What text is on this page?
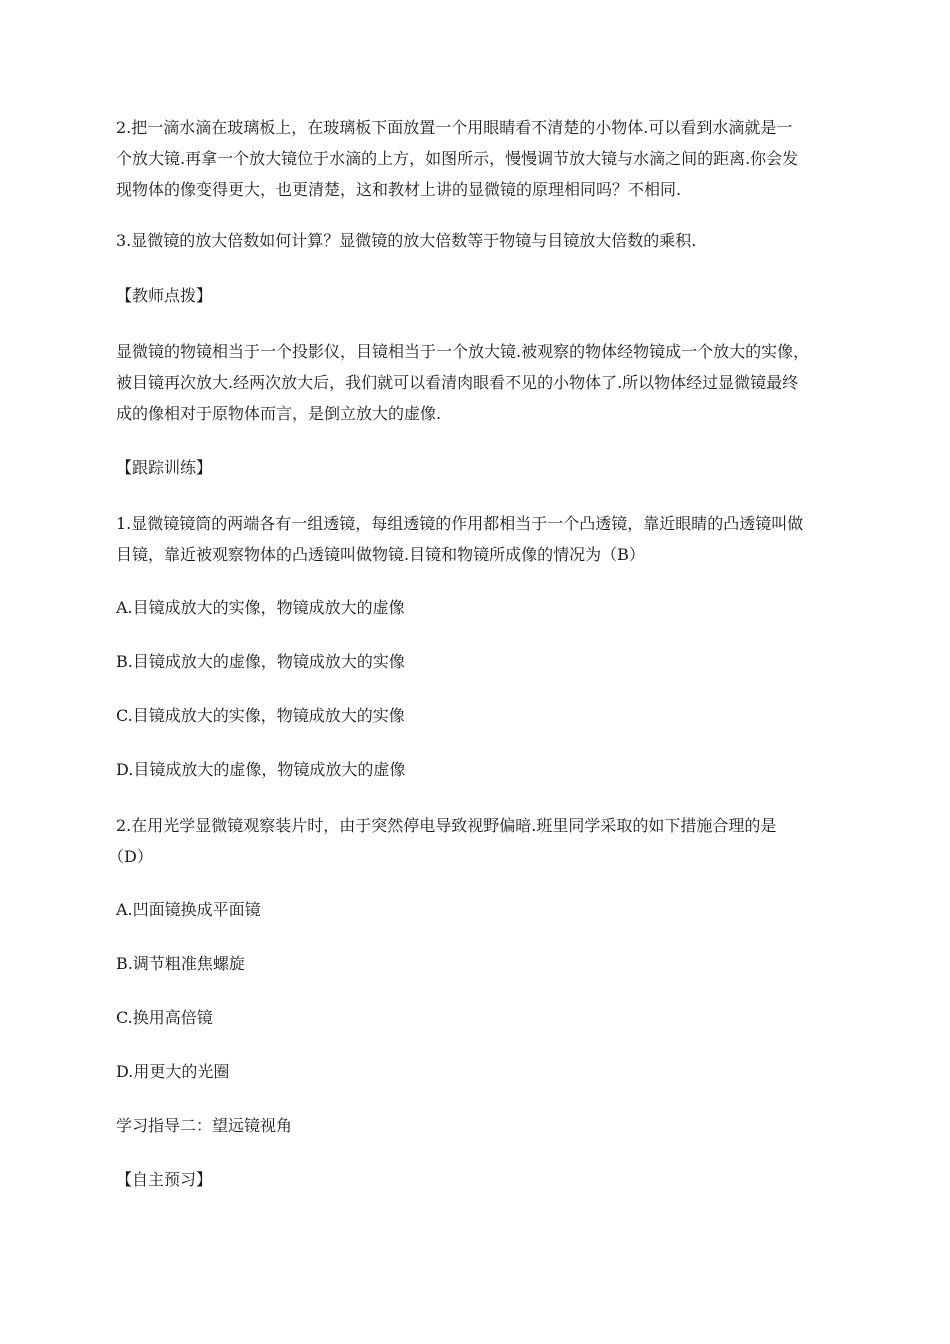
2.把一滴水滴在玻璃板上，在玻璃板下面放置一个用眼睛看不清楚的小物体.可以看到水滴就是一
个放大镜.再拿一个放大镜位于水滴的上方，如图所示，慢慢调节放大镜与水滴之间的距离.你会发
现物体的像变得更大，也更清楚，这和教材上讲的显微镜的原理相同吗？不相同.
3.显微镜的放大倍数如何计算？显微镜的放大倍数等于物镜与目镜放大倍数的乘积.
【教师点拨】
显微镜的物镜相当于一个投影仪，目镜相当于一个放大镜.被观察的物体经物镜成一个放大的实像，
被目镜再次放大.经两次放大后，我们就可以看清肉眼看不见的小物体了.所以物体经过显微镜最终
成的像相对于原物体而言，是倒立放大的虚像.
【跟踪训练】
1.显微镜镜筒的两端各有一组透镜，每组透镜的作用都相当于一个凸透镜，靠近眼睛的凸透镜叫做
目镜，靠近被观察物体的凸透镜叫做物镜.目镜和物镜所成像的情况为（B）
A.目镜成放大的实像，物镜成放大的虚像
B.目镜成放大的虚像，物镜成放大的实像
C.目镜成放大的实像，物镜成放大的实像
D.目镜成放大的虚像，物镜成放大的虚像
2.在用光学显微镜观察装片时，由于突然停电导致视野偏暗.班里同学采取的如下措施合理的是
（D）
A.凹面镜换成平面镜
B.调节粗准焦螺旋
C.换用高倍镜
D.用更大的光圈
学习指导二：望远镜视角
【自主预习】
